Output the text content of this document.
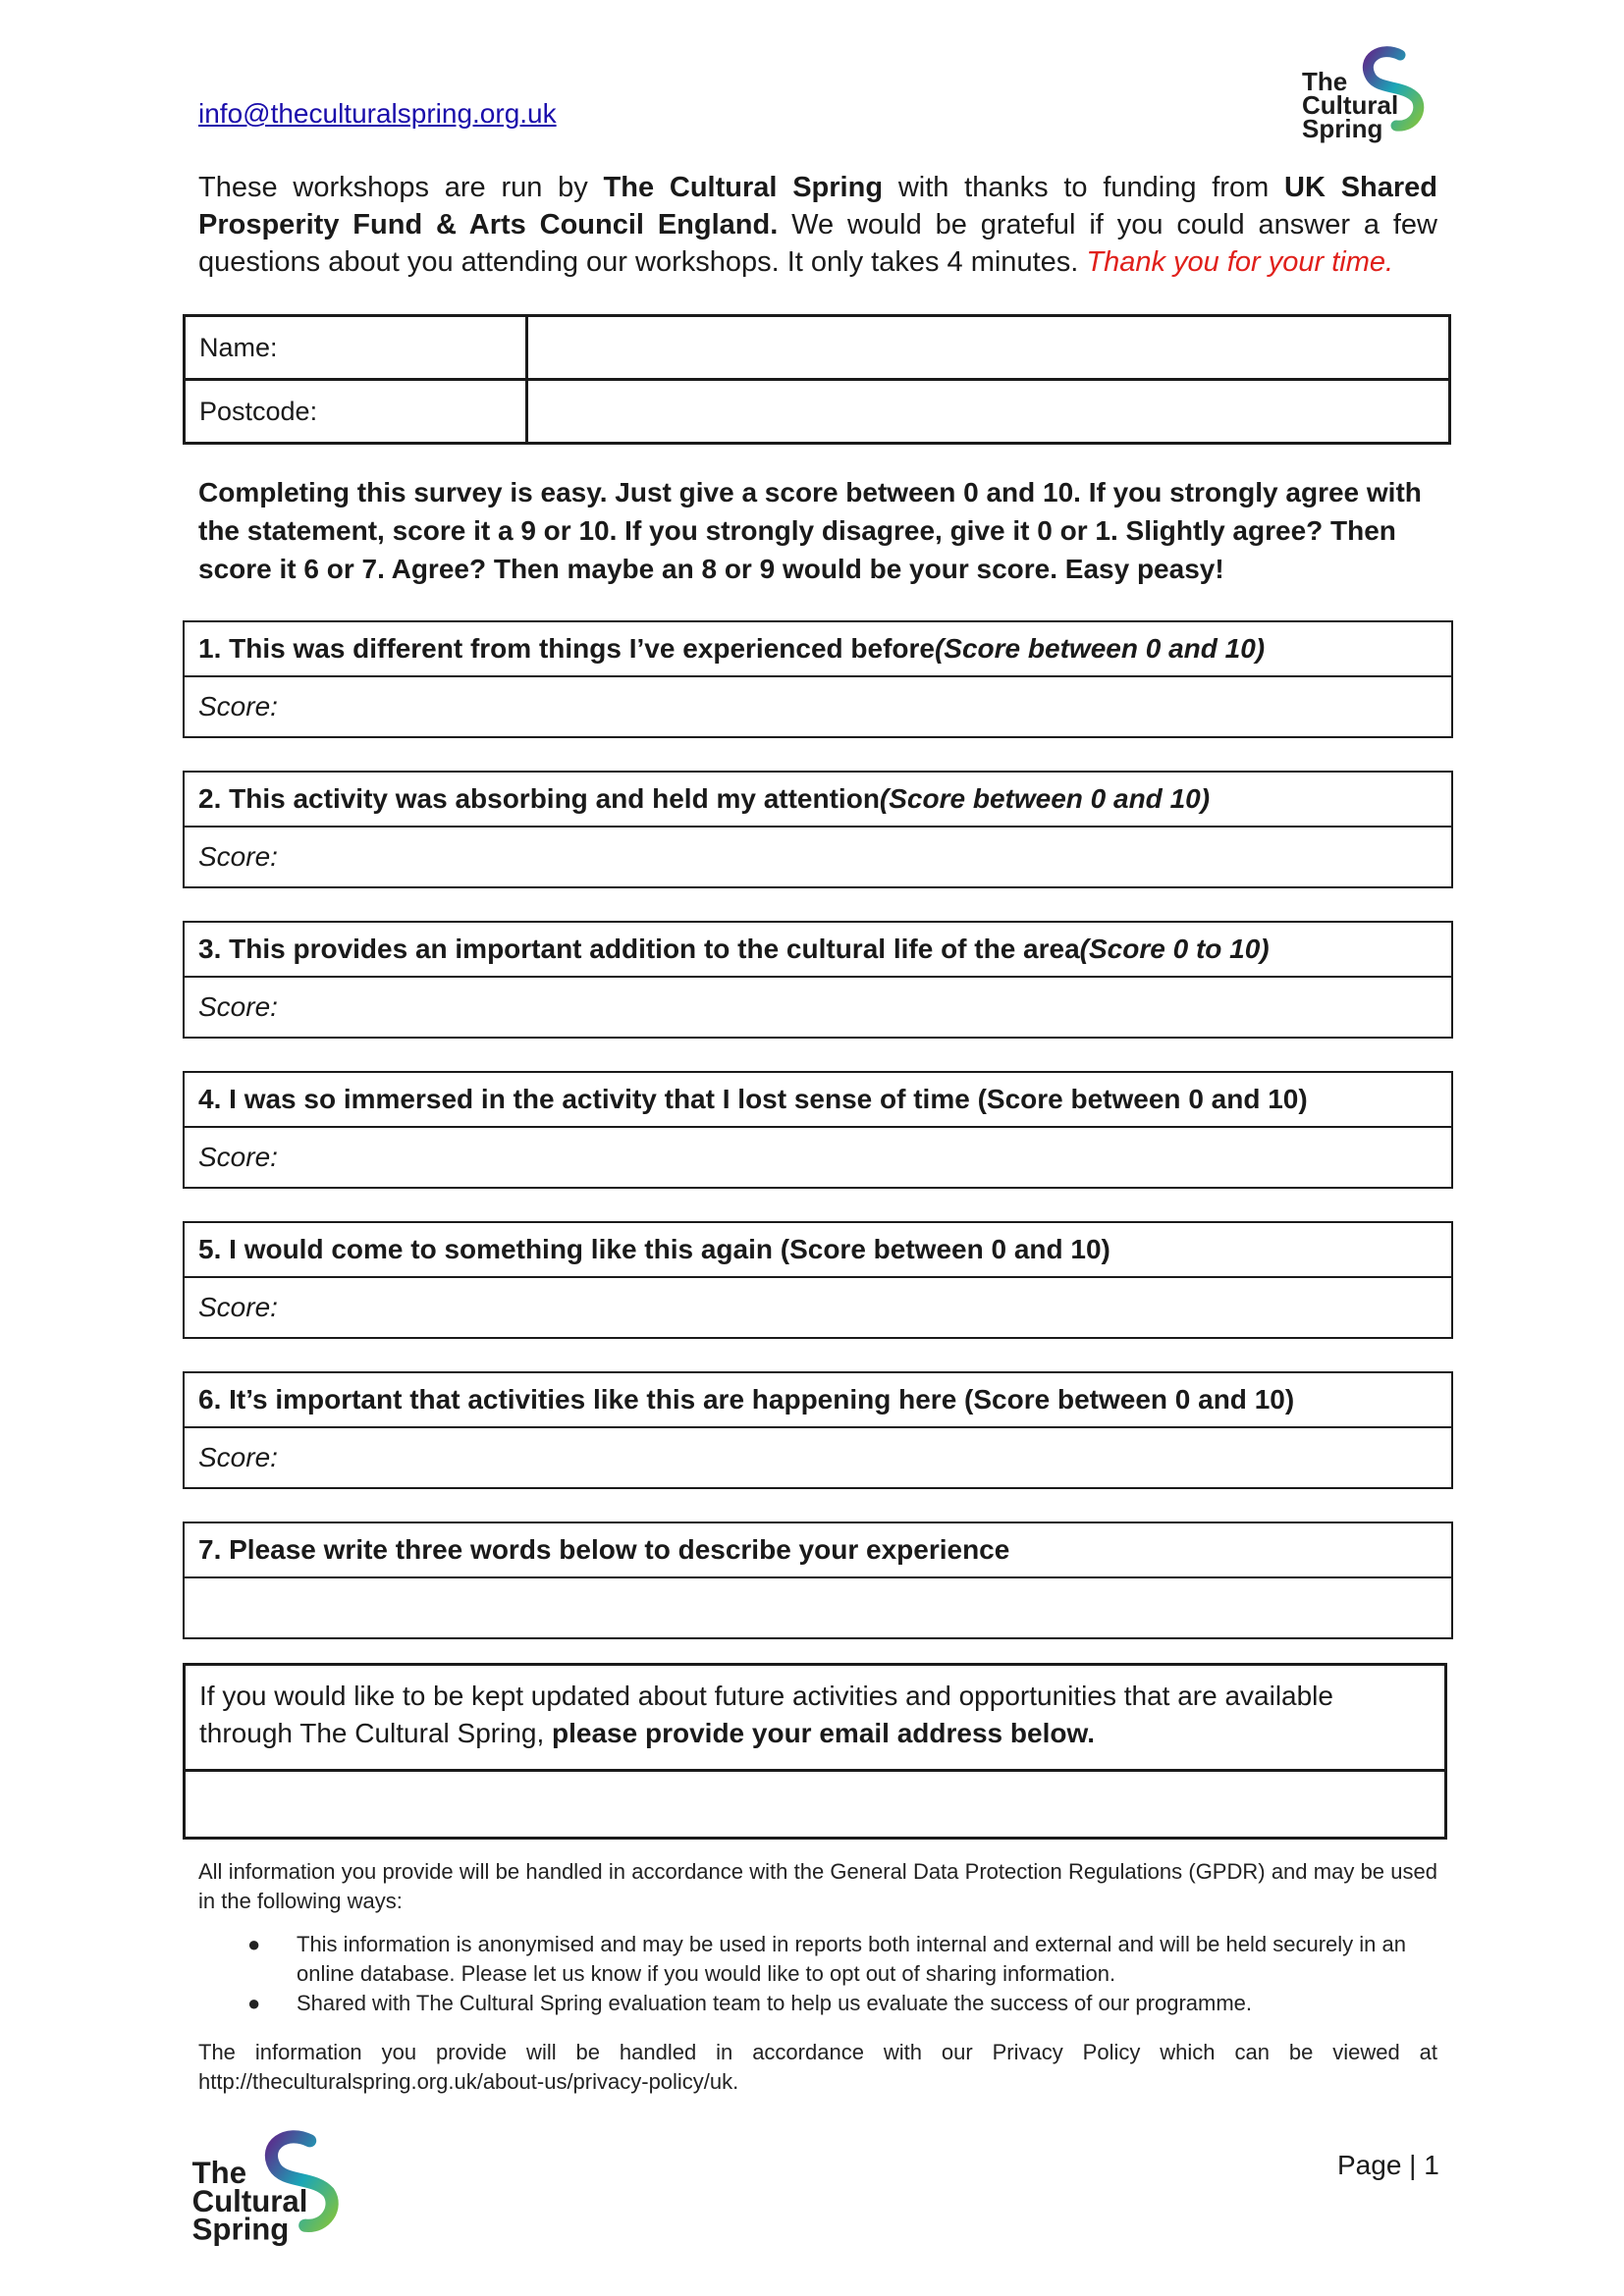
info@theculturalspring.org.uk
The
Cultural
Spring

These workshops are run by The Cultural Spring with thanks to funding from UK Shared Prosperity Fund & Arts Council England. We would be grateful if you could answer a few questions about you attending our workshops. It only takes 4 minutes. Thank you for your time.

Name:	
Postcode:	

Completing this survey is easy. Just give a score between 0 and 10. If you strongly agree with the statement, score it a 9 or 10. If you strongly disagree, give it 0 or 1. Slightly agree? Then score it 6 or 7. Agree? Then maybe an 8 or 9 would be your score. Easy peasy!

1. This was different from things I’ve experienced before (Score between 0 and 10)
Score:
2. This activity was absorbing and held my attention (Score between 0 and 10)
Score:
3. This provides an important addition to the cultural life of the area (Score 0 to 10)
Score:
4. I was so immersed in the activity that I lost sense of time (Score between 0 and 10)
Score:
5. I would come to something like this again (Score between 0 and 10)
Score:
6. It’s important that activities like this are happening here (Score between 0 and 10)
Score:
7. Please write three words below to describe your experience
If you would like to be kept updated about future activities and opportunities that are available through The Cultural Spring, please provide your email address below.

All information you provide will be handled in accordance with the General Data Protection Regulations (GPDR) and may be used in the following ways:

● This information is anonymised and may be used in reports both internal and external and will be held securely in an online database. Please let us know if you would like to opt out of sharing information.
● Shared with The Cultural Spring evaluation team to help us evaluate the success of our programme.

The information you provide will be handled in accordance with our Privacy Policy which can be viewed at http://theculturalspring.org.uk/about-us/privacy-policy/uk.

The
Cultural
Spring
Page | 1
